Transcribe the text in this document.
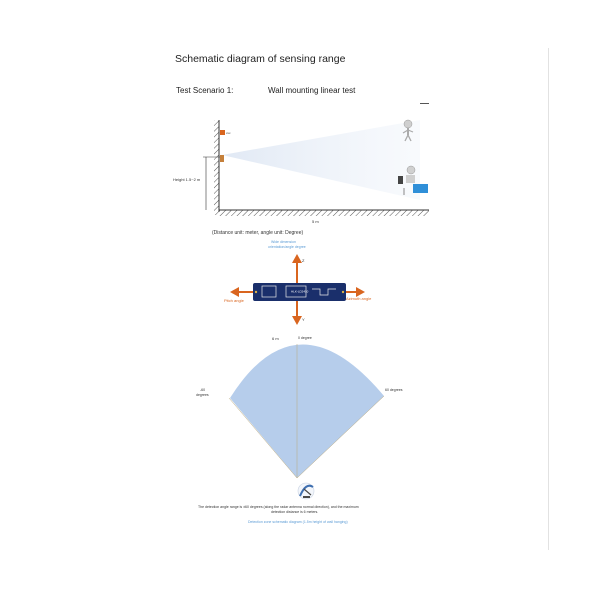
Schematic diagram of sensing range
Test Scenario 1:	Wall mounting linear test
xxx
Height 1.5~2 m
5 m
(Distance unit: meter, angle unit: Degree)
Wide dimension
orientation/angle degree
Z
Y
Pitch angle	Azimuth angle
HLK-LD2410
6 m	0 degree
-60
degrees
60 degrees
The detection angle range is ±60 degrees (along the radar antenna normal direction), and the maximum
detection distance is 6 meters.
Detection zone schematic diagram (1.5m height of wall hanging)
